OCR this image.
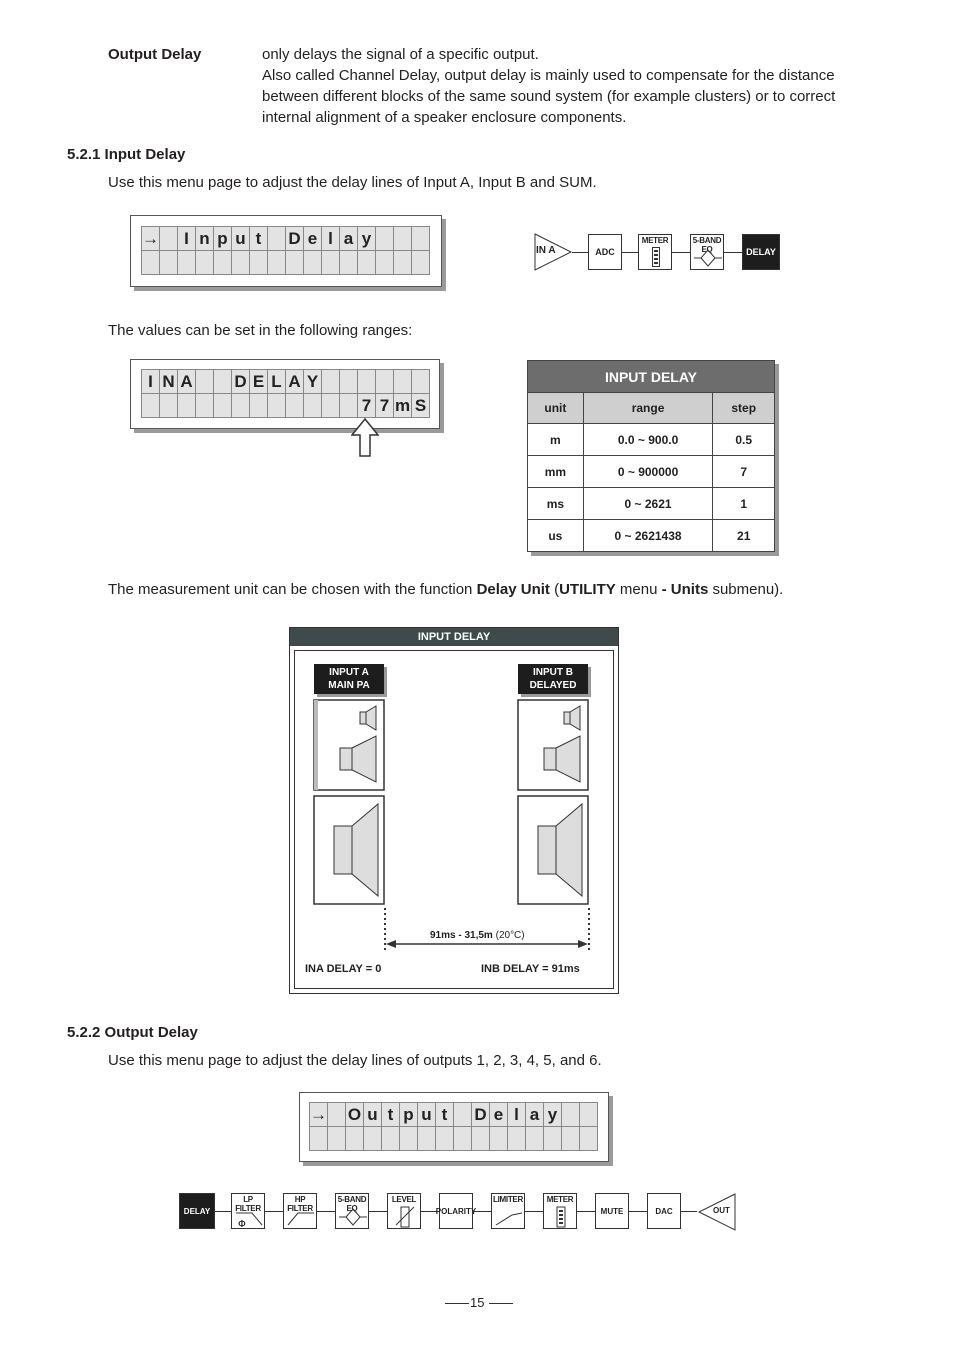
Output Delay	only delays the signal of a specific output.
Also called Channel Delay, output delay is mainly used to compensate for the distance
between different blocks of the same sound system (for example clusters) or to correct
internal alignment of a speaker enclosure components.
5.2.1 Input Delay
Use this menu page to adjust the delay lines of Input A, Input B and SUM.
→	I n p u t	D e l a y
IN A	ADC
METER	5-BAND EQ	DELAY
The values can be set in the following ranges:
I N A D E L A Y
7 7 m S
INPUT DELAY		
unit	range	step
m	0.0 ~ 900.0	0.5
mm	0 ~ 900000	7
ms	0 ~ 2621	1
us	0 ~ 2621438	21
The measurement unit can be chosen with the function Delay Unit (UTILITY menu - Units submenu).
INPUT DELAY
INPUT A
MAIN PA
INPUT B
DELAYED
91ms - 31,5m (20°C)
INA DELAY = 0	INB DELAY = 91ms
5.2.2 Output Delay
Use this menu page to adjust the delay lines of outputs 1, 2, 3, 4, 5, and 6.
→ O u t p u t	D e l a y
DELAY
LP FILTER
Φ
HP FILTER
5-BAND EQ
LEVEL
POLARITY
LIMITER	METER
MUTE	DAC	OUT
15
